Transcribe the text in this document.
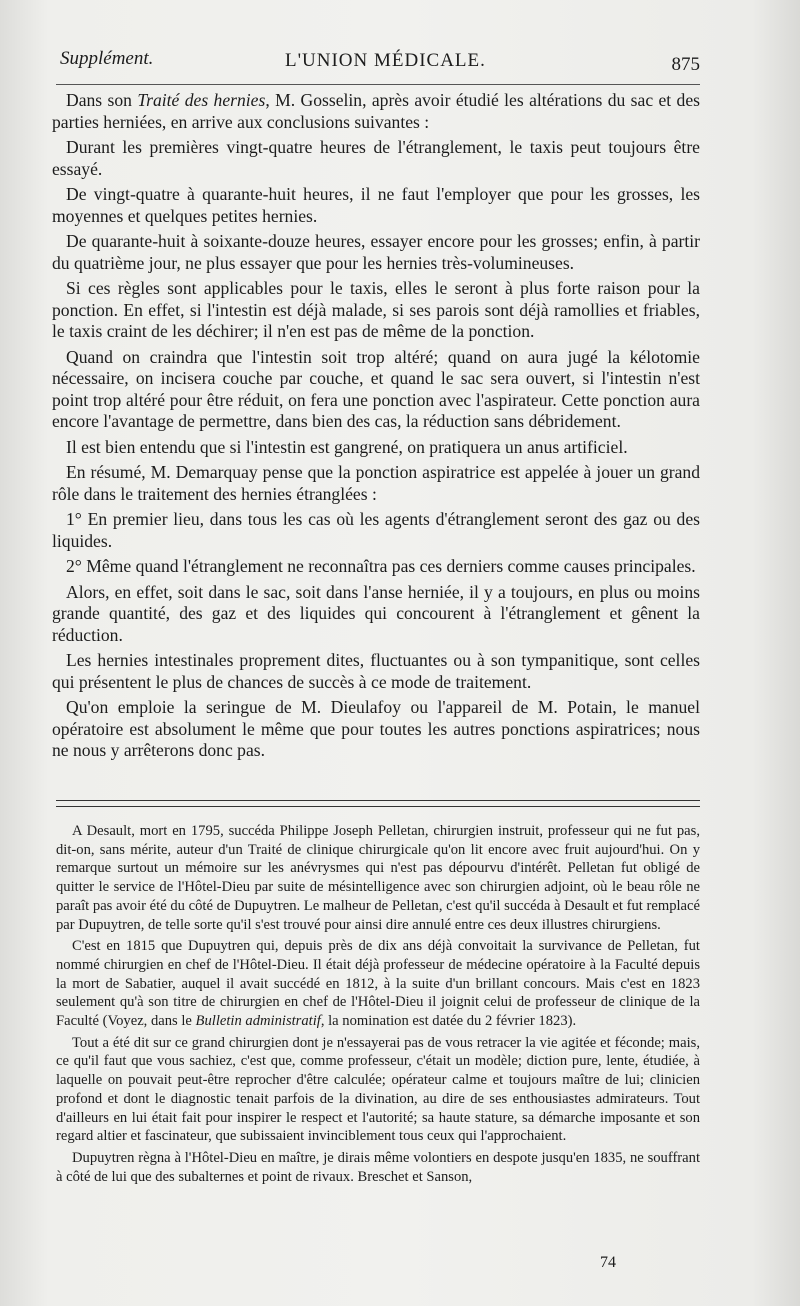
Supplément.	L'UNION MÉDICALE.	875

Dans son Traité des hernies, M. Gosselin, après avoir étudié les altérations du sac et des parties herniées, en arrive aux conclusions suivantes :

Durant les premières vingt-quatre heures de l'étranglement, le taxis peut toujours être essayé.

De vingt-quatre à quarante-huit heures, il ne faut l'employer que pour les grosses, les moyennes et quelques petites hernies.

De quarante-huit à soixante-douze heures, essayer encore pour les grosses; enfin, à partir du quatrième jour, ne plus essayer que pour les hernies très-volumineuses.

Si ces règles sont applicables pour le taxis, elles le seront à plus forte raison pour la ponction. En effet, si l'intestin est déjà malade, si ses parois sont déjà ramollies et friables, le taxis craint de les déchirer; il n'en est pas de même de la ponction.

Quand on craindra que l'intestin soit trop altéré; quand on aura jugé la kélotomie nécessaire, on incisera couche par couche, et quand le sac sera ouvert, si l'intestin n'est point trop altéré pour être réduit, on fera une ponction avec l'aspirateur. Cette ponction aura encore l'avantage de permettre, dans bien des cas, la réduction sans débridement.

Il est bien entendu que si l'intestin est gangrené, on pratiquera un anus artificiel.

En résumé, M. Demarquay pense que la ponction aspiratrice est appelée à jouer un grand rôle dans le traitement des hernies étranglées :

1° En premier lieu, dans tous les cas où les agents d'étranglement seront des gaz ou des liquides.

2° Même quand l'étranglement ne reconnaîtra pas ces derniers comme causes principales.

Alors, en effet, soit dans le sac, soit dans l'anse herniée, il y a toujours, en plus ou moins grande quantité, des gaz et des liquides qui concourent à l'étranglement et gênent la réduction.

Les hernies intestinales proprement dites, fluctuantes ou à son tympanitique, sont celles qui présentent le plus de chances de succès à ce mode de traitement.

Qu'on emploie la seringue de M. Dieulafoy ou l'appareil de M. Potain, le manuel opératoire est absolument le même que pour toutes les autres ponctions aspiratrices; nous ne nous y arrêterons donc pas.

A Desault, mort en 1795, succéda Philippe Joseph Pelletan, chirurgien instruit, professeur qui ne fut pas, dit-on, sans mérite, auteur d'un Traité de clinique chirurgicale qu'on lit encore avec fruit aujourd'hui. On y remarque surtout un mémoire sur les anévrysmes qui n'est pas dépourvu d'intérêt. Pelletan fut obligé de quitter le service de l'Hôtel-Dieu par suite de mésintelligence avec son chirurgien adjoint, où le beau rôle ne paraît pas avoir été du côté de Dupuytren. Le malheur de Pelletan, c'est qu'il succéda à Desault et fut remplacé par Dupuytren, de telle sorte qu'il s'est trouvé pour ainsi dire annulé entre ces deux illustres chirurgiens.

C'est en 1815 que Dupuytren qui, depuis près de dix ans déjà convoitait la survivance de Pelletan, fut nommé chirurgien en chef de l'Hôtel-Dieu. Il était déjà professeur de médecine opératoire à la Faculté depuis la mort de Sabatier, auquel il avait succédé en 1812, à la suite d'un brillant concours. Mais c'est en 1823 seulement qu'à son titre de chirurgien en chef de l'Hôtel-Dieu il joignit celui de professeur de clinique de la Faculté (Voyez, dans le Bulletin administratif, la nomination est datée du 2 février 1823).

Tout a été dit sur ce grand chirurgien dont je n'essayerai pas de vous retracer la vie agitée et féconde; mais, ce qu'il faut que vous sachiez, c'est que, comme professeur, c'était un modèle; diction pure, lente, étudiée, à laquelle on pouvait peut-être reprocher d'être calculée; opérateur calme et toujours maître de lui; clinicien profond et dont le diagnostic tenait parfois de la divination, au dire de ses enthousiastes admirateurs. Tout d'ailleurs en lui était fait pour inspirer le respect et l'autorité; sa haute stature, sa démarche imposante et son regard altier et fascinateur, que subissaient invinciblement tous ceux qui l'approchaient.

Dupuytren règna à l'Hôtel-Dieu en maître, je dirais même volontiers en despote jusqu'en 1835, ne souffrant à côté de lui que des subalternes et point de rivaux. Breschet et Sanson,

74
